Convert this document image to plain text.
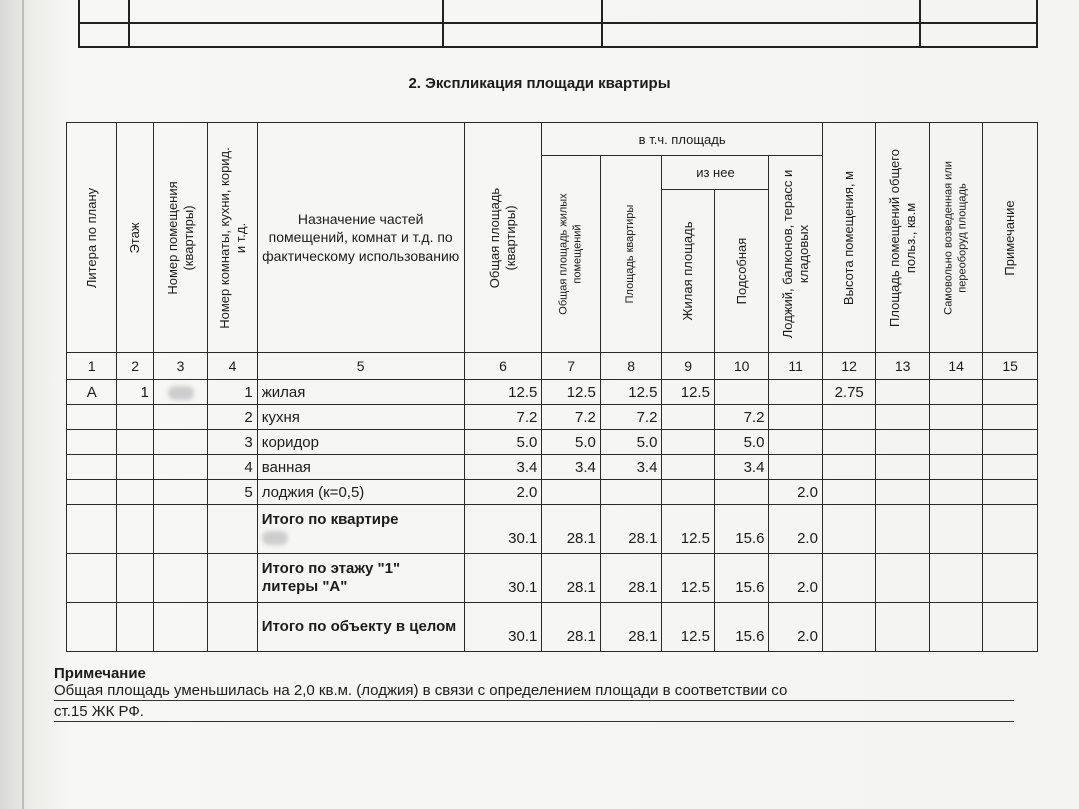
2. Экспликация площади квартиры
Литера по плану	Этаж	Номер помещения (квартиры)	Номер комнаты, кухни, корид. и т.д.	Назначение частей помещений, комнат и т.д. по фактическому использованию	Общая площадь (квартиры)	в т.ч. площадь					Высота помещения, м	Площадь помещений общего польз., кв.м	Самовольно возведенная или переоборуд площадь	Примечание

						Общая площадь жилых помещений	Площадь квартиры	из нее		Лоджий, балконов, терасс и кладовых				

								Жилая площадь	Подсобная					

1	2	3	4	5	6	7	8	9	10	11	12	13	14	15
А	1		1	жилая	12.5	12.5	12.5	12.5			2.75			
			2	кухня	7.2	7.2	7.2		7.2					
			3	коридор	5.0	5.0	5.0		5.0					
			4	ванная	3.4	3.4	3.4		3.4					
			5	лоджия (к=0,5)	2.0					2.0				

				Итого по квартире	30.1	28.1	28.1	12.5	15.6	2.0				

				Итого по этажу "1" литеры "А"	30.1	28.1	28.1	12.5	15.6	2.0				

				Итого по объекту в целом	30.1	28.1	28.1	12.5	15.6	2.0				
Примечание
Общая площадь уменьшилась на 2,0 кв.м. (лоджия) в связи с определением площади в соответствии со
ст.15 ЖК РФ.
